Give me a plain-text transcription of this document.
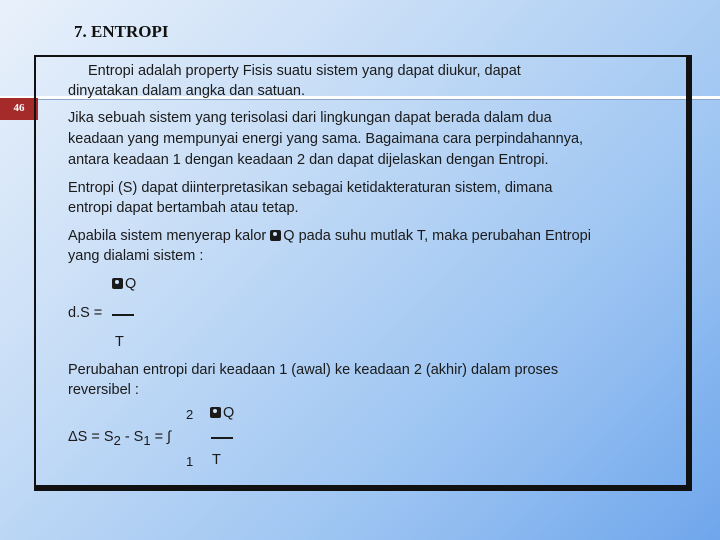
7. ENTROPI
46
Entropi adalah property Fisis suatu sistem yang dapat diukur, dapat
dinyatakan dalam angka dan satuan.
Jika sebuah sistem yang terisolasi dari lingkungan dapat berada dalam dua
keadaan yang mempunyai energi yang sama. Bagaimana cara perpindahannya,
antara keadaan 1 dengan keadaan 2 dan dapat dijelaskan dengan Entropi.
Entropi (S) dapat diinterpretasikan sebagai ketidakteraturan sistem, dimana
entropi dapat bertambah atau tetap.
Apabila sistem menyerap kalor Q pada suhu mutlak T, maka perubahan Entropi
yang dialami sistem :
Q
d.S =
T
Perubahan entropi dari keadaan 1 (awal) ke keadaan 2 (akhir) dalam proses
reversibel :
2	Q
$\Delta S = S_2 - S_1$ = ∫
1 T
